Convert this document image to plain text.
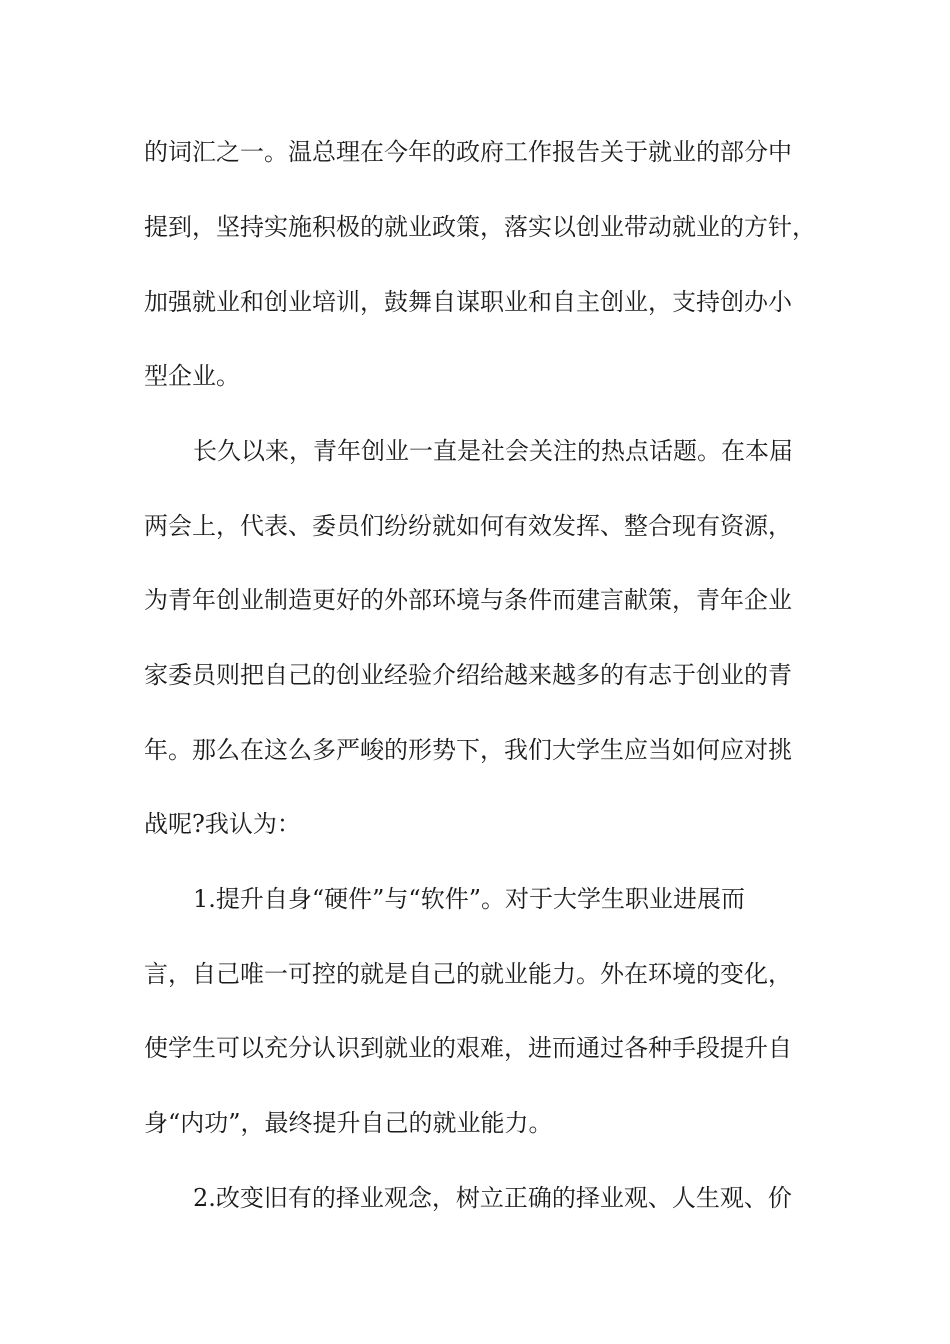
的词汇之一。温总理在今年的政府工作报告关于就业的部分中
提到，坚持实施积极的就业政策，落实以创业带动就业的方针，
加强就业和创业培训，鼓舞自谋职业和自主创业，支持创办小
型企业。
长久以来，青年创业一直是社会关注的热点话题。在本届
两会上，代表、委员们纷纷就如何有效发挥、整合现有资源，
为青年创业制造更好的外部环境与条件而建言献策，青年企业
家委员则把自己的创业经验介绍给越来越多的有志于创业的青
年。那么在这么多严峻的形势下，我们大学生应当如何应对挑
战呢?我认为：
1.提升自身“硬件”与“软件”。对于大学生职业进展而
言，自己唯一可控的就是自己的就业能力。外在环境的变化，
使学生可以充分认识到就业的艰难，进而通过各种手段提升自
身“内功”，最终提升自己的就业能力。
2.改变旧有的择业观念，树立正确的择业观、人生观、价
